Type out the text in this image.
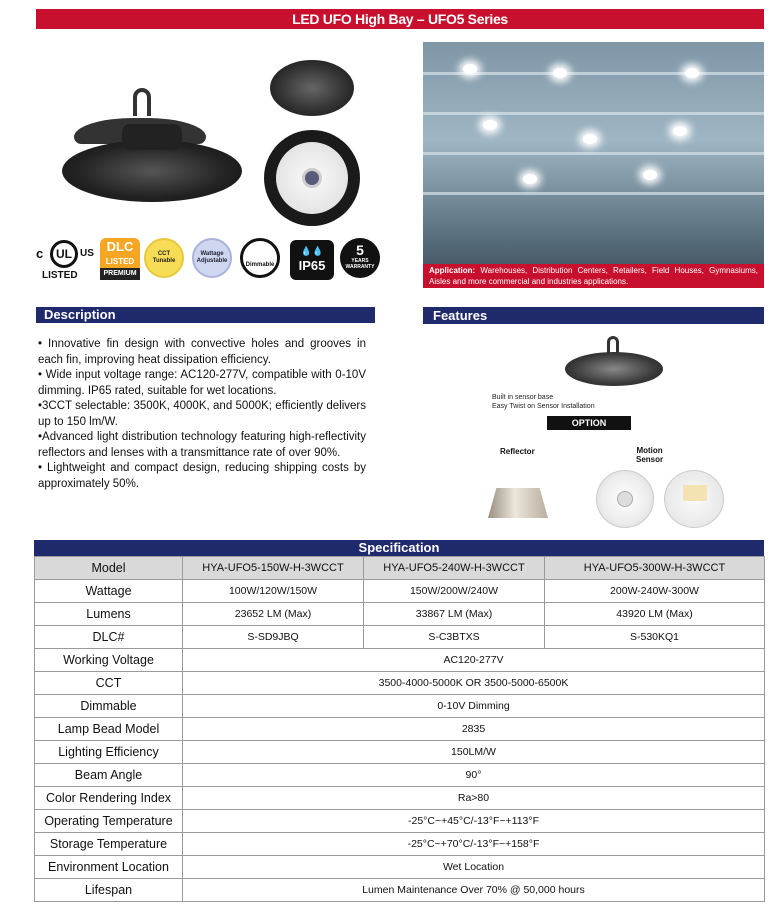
LED UFO High Bay – UFO5 Series
c	UL US
LISTED
DLC
LISTED
PREMIUM
CCT Tunable
Wattage Adjustable
Dimmable
💧💧
IP65
5
YEARS WARRANTY	Application: Warehouses, Distribution Centers, Retailers, Field Houses, Gymnasiums, Aisles and more commercial and industries applications.
Description

• Innovative fin design with convective holes and grooves in each fin, improving heat dissipation efficiency.

• Wide input voltage range: AC120-277V, compatible with 0-10V dimming. IP65 rated, suitable for wet locations.

•3CCT selectable: 3500K, 4000K, and 5000K; efficiently delivers up to 150 lm/W.

•Advanced light distribution technology featuring high-reflectivity reflectors and lenses with a transmittance rate of over 90%.

• Lightweight and compact design, reducing shipping costs by approximately 50%.

Features
Built in sensor base
Easy Twist on Sensor Installation
OPTION
Reflector	Motion
Sensor
Specification
Model	HYA-UFO5-150W-H-3WCCT	HYA-UFO5-240W-H-3WCCT	HYA-UFO5-300W-H-3WCCT
Wattage	100W/120W/150W	150W/200W/240W	200W-240W-300W
Lumens	23652 LM (Max)	33867 LM (Max)	43920 LM (Max)
DLC#	S-SD9JBQ	S-C3BTXS	S-530KQ1
Working Voltage	AC120-277V		
CCT	3500-4000-5000K OR 3500-5000-6500K		
Dimmable	0-10V Dimming		
Lamp Bead Model	2835		
Lighting Efficiency	150LM/W		
Beam Angle	90°		
Color Rendering Index	Ra>80		
Operating Temperature	-25°C~+45°C/-13°F~+113°F		
Storage Temperature	-25°C~+70°C/-13°F~+158°F		
Environment Location	Wet Location		
Lifespan	Lumen Maintenance Over 70% @ 50,000 hours		
